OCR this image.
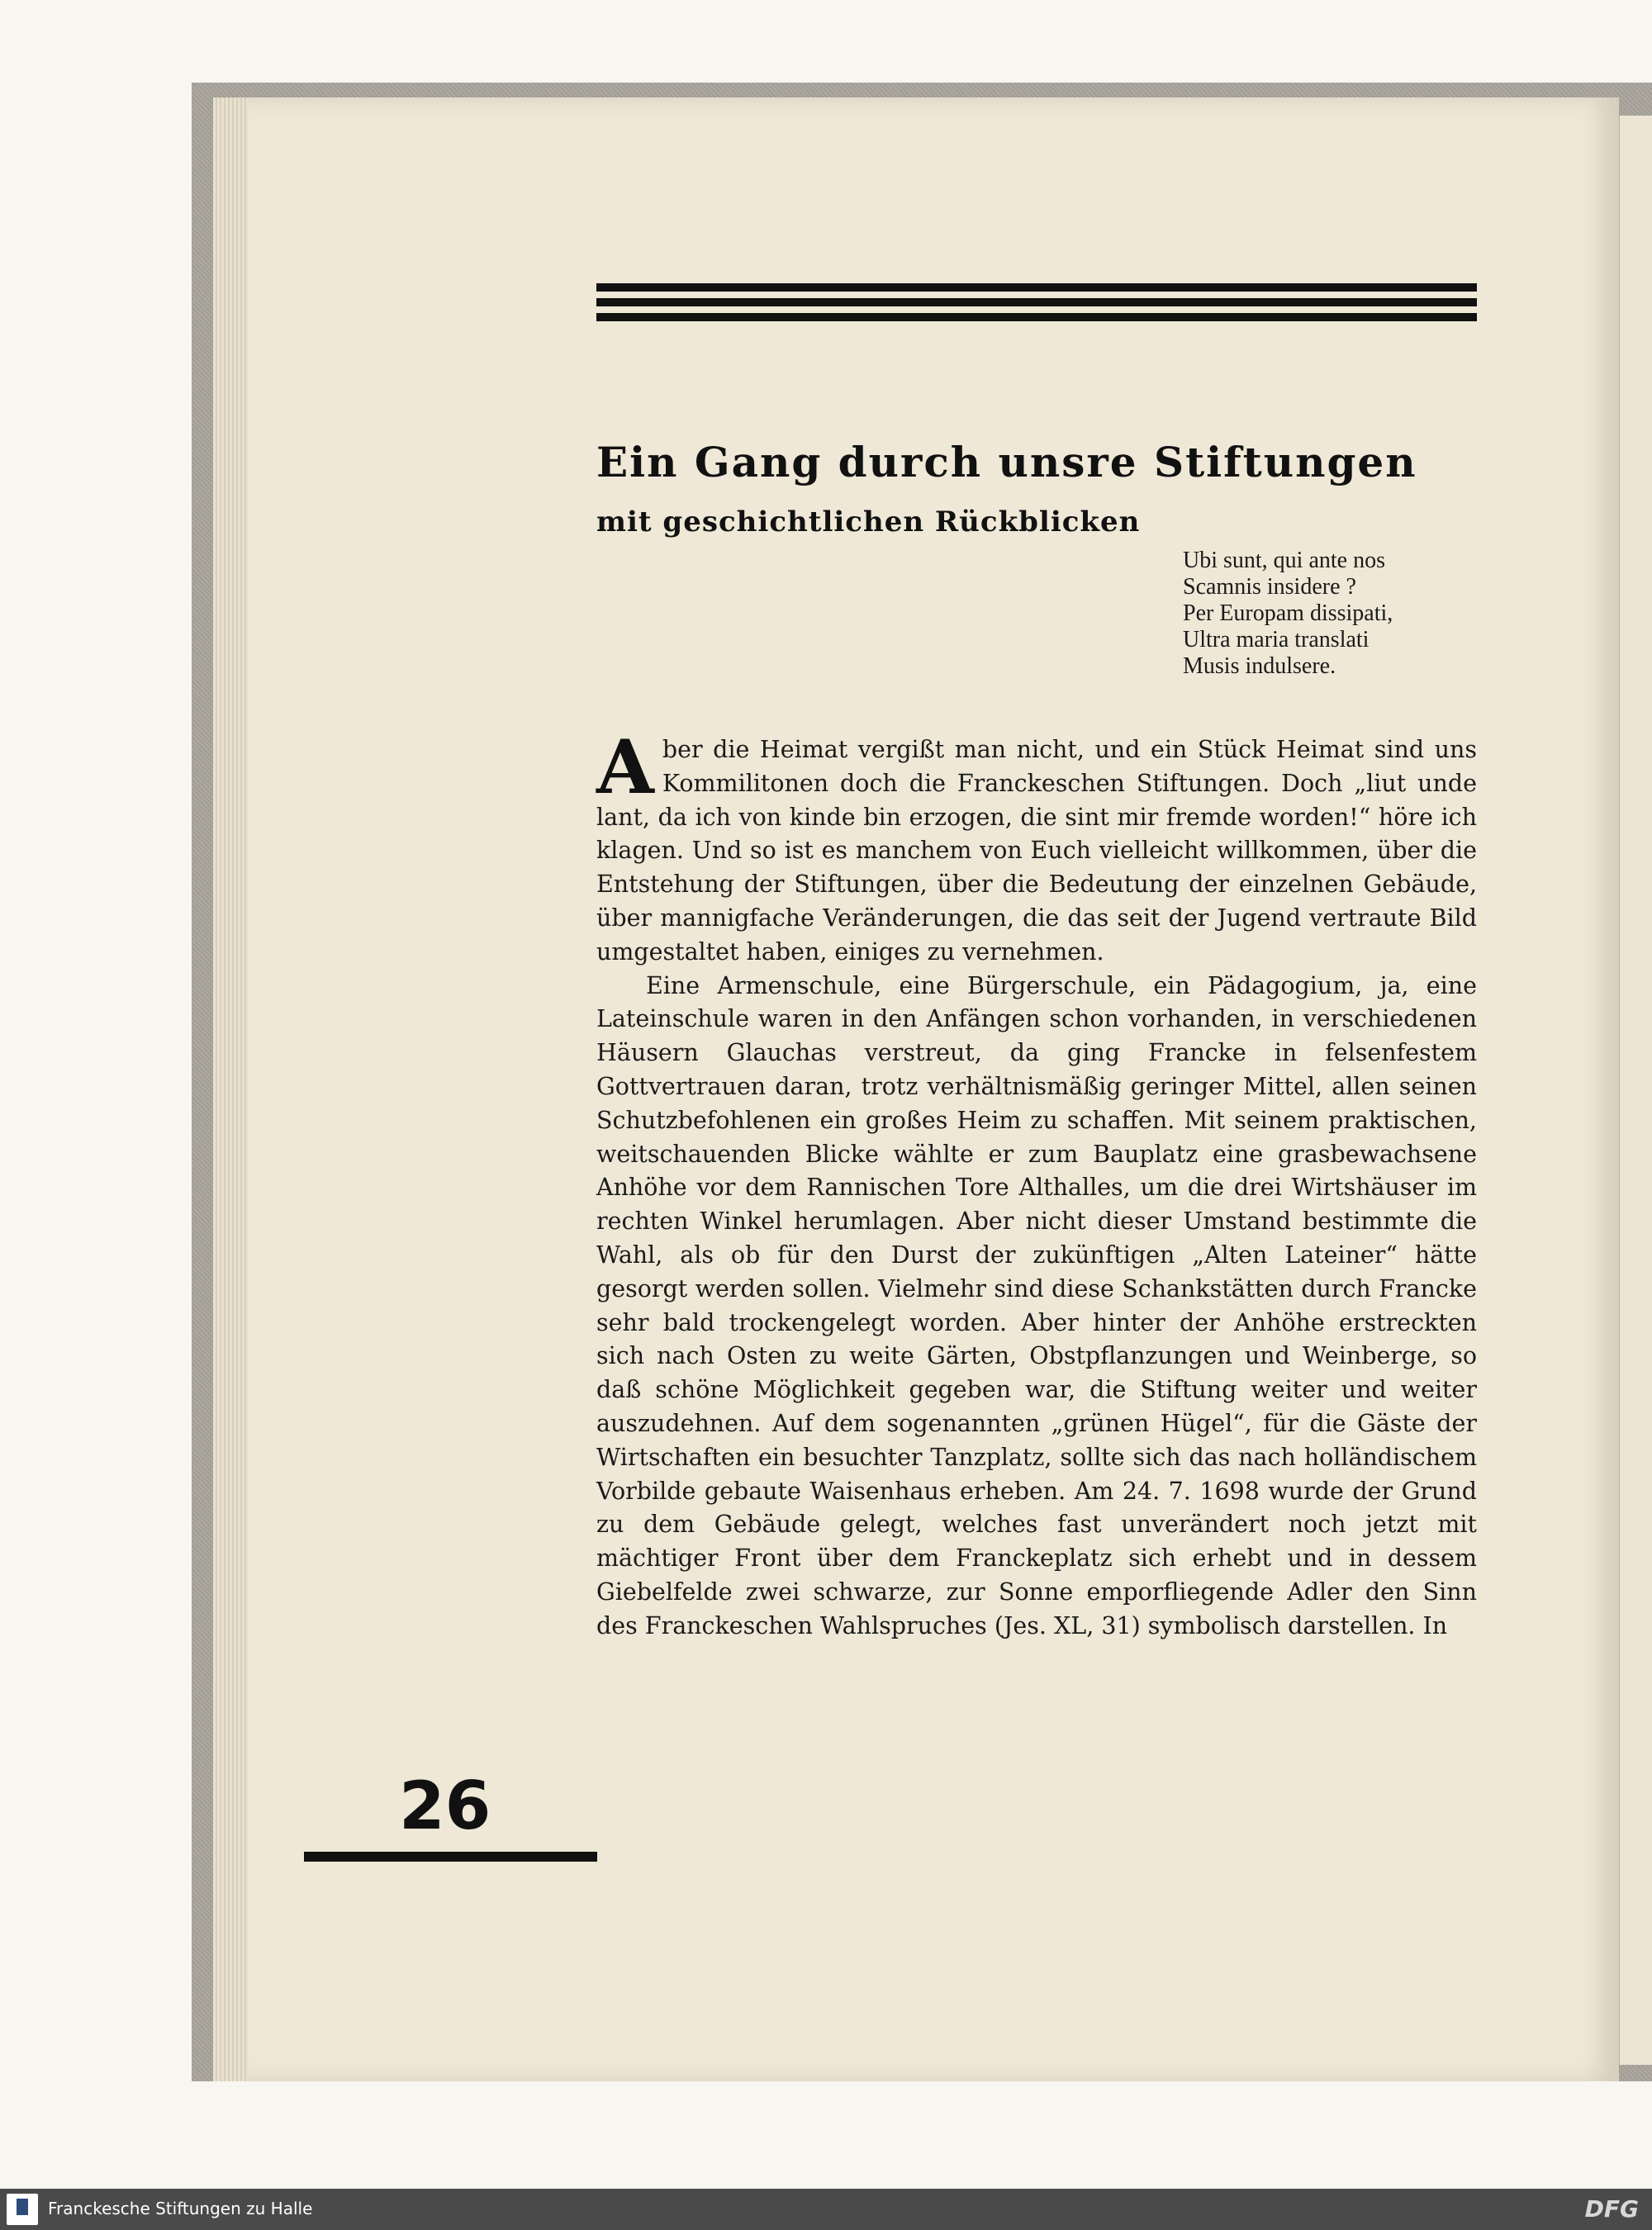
Ein Gang durch unsre Stiftungen
mit geschichtlichen Rückblicken
Ubi sunt, qui ante nos
Scamnis insidere ?
Per Europam dissipati,
Ultra maria translati
Musis indulsere.

Aber die Heimat vergißt man nicht, und ein Stück Heimat sind uns Kommilitonen doch die Franckeschen Stiftungen. Doch „liut unde lant, da ich von kinde bin erzogen, die sint mir fremde worden!“ höre ich klagen. Und so ist es manchem von Euch vielleicht willkommen, über die Entstehung der Stiftungen, über die Bedeutung der einzelnen Gebäude, über mannigfache Veränderungen, die das seit der Jugend vertraute Bild umgestaltet haben, einiges zu vernehmen.

Eine Armenschule, eine Bürgerschule, ein Pädagogium, ja, eine Lateinschule waren in den Anfängen schon vorhanden, in verschiedenen Häusern Glauchas verstreut, da ging Francke in felsenfestem Gottvertrauen daran, trotz verhältnismäßig geringer Mittel, allen seinen Schutzbefohlenen ein großes Heim zu schaffen. Mit seinem praktischen, weitschauenden Blicke wählte er zum Bauplatz eine grasbewachsene Anhöhe vor dem Rannischen Tore Althalles, um die drei Wirtshäuser im rechten Winkel herumlagen. Aber nicht dieser Umstand bestimmte die Wahl, als ob für den Durst der zukünftigen „Alten Lateiner“ hätte gesorgt werden sollen. Vielmehr sind diese Schankstätten durch Francke sehr bald trockengelegt worden. Aber hinter der Anhöhe erstreckten sich nach Osten zu weite Gärten, Obstpflanzungen und Weinberge, so daß schöne Möglichkeit gegeben war, die Stiftung weiter und weiter auszudehnen. Auf dem sogenannten „grünen Hügel“, für die Gäste der Wirtschaften ein besuchter Tanzplatz, sollte sich das nach holländischem Vorbilde gebaute Waisenhaus erheben. Am 24. 7. 1698 wurde der Grund zu dem Gebäude gelegt, welches fast unverändert noch jetzt mit mächtiger Front über dem Franckeplatz sich erhebt und in dessem Giebelfelde zwei schwarze, zur Sonne emporfliegende Adler den Sinn des Franckeschen Wahlspruches (Jes. XL, 31) symbolisch darstellen. In

26
Franckesche Stiftungen zu Halle	DFG
